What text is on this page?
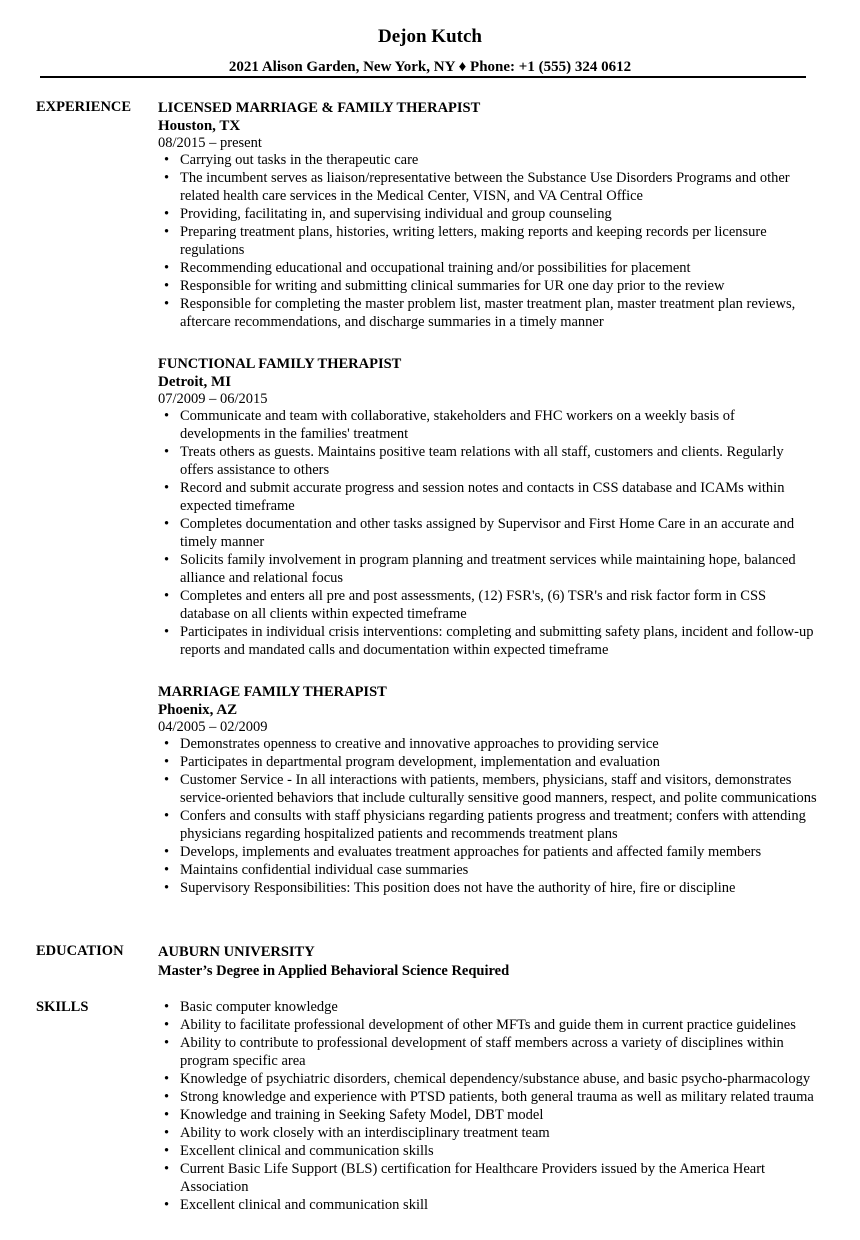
Dejon Kutch
2021 Alison Garden, New York, NY ♦ Phone: +1 (555) 324 0612
EXPERIENCE
EDUCATION
SKILLS
LICENSED MARRIAGE & FAMILY THERAPIST
Houston, TX
08/2015 – present
• Carrying out tasks in the therapeutic care
• The incumbent serves as liaison/representative between the Substance Use Disorders Programs and other related health care services in the Medical Center, VISN, and VA Central Office
• Providing, facilitating in, and supervising individual and group counseling
• Preparing treatment plans, histories, writing letters, making reports and keeping records per licensure regulations
• Recommending educational and occupational training and/or possibilities for placement
• Responsible for writing and submitting clinical summaries for UR one day prior to the review
• Responsible for completing the master problem list, master treatment plan, master treatment plan reviews, aftercare recommendations, and discharge summaries in a timely manner
FUNCTIONAL FAMILY THERAPIST
Detroit, MI
07/2009 – 06/2015
• Communicate and team with collaborative, stakeholders and FHC workers on a weekly basis of developments in the families' treatment
• Treats others as guests. Maintains positive team relations with all staff, customers and clients. Regularly offers assistance to others
• Record and submit accurate progress and session notes and contacts in CSS database and ICAMs within expected timeframe
• Completes documentation and other tasks assigned by Supervisor and First Home Care in an accurate and timely manner
• Solicits family involvement in program planning and treatment services while maintaining hope, balanced alliance and relational focus
• Completes and enters all pre and post assessments, (12) FSR's, (6) TSR's and risk factor form in CSS database on all clients within expected timeframe
• Participates in individual crisis interventions: completing and submitting safety plans, incident and follow-up reports and mandated calls and documentation within expected timeframe
MARRIAGE FAMILY THERAPIST
Phoenix, AZ
04/2005 – 02/2009
• Demonstrates openness to creative and innovative approaches to providing service
• Participates in departmental program development, implementation and evaluation
• Customer Service - In all interactions with patients, members, physicians, staff and visitors, demonstrates service-oriented behaviors that include culturally sensitive good manners, respect, and polite communications
• Confers and consults with staff physicians regarding patients progress and treatment; confers with attending physicians regarding hospitalized patients and recommends treatment plans
• Develops, implements and evaluates treatment approaches for patients and affected family members
• Maintains confidential individual case summaries
• Supervisory Responsibilities: This position does not have the authority of hire, fire or discipline
AUBURN UNIVERSITY
Master’s Degree in Applied Behavioral Science Required
• Basic computer knowledge
• Ability to facilitate professional development of other MFTs and guide them in current practice guidelines
• Ability to contribute to professional development of staff members across a variety of disciplines within program specific area
• Knowledge of psychiatric disorders, chemical dependency/substance abuse, and basic psycho-pharmacology
• Strong knowledge and experience with PTSD patients, both general trauma as well as military related trauma
• Knowledge and training in Seeking Safety Model, DBT model
• Ability to work closely with an interdisciplinary treatment team
• Excellent clinical and communication skills
• Current Basic Life Support (BLS) certification for Healthcare Providers issued by the America Heart Association
• Excellent clinical and communication skill
